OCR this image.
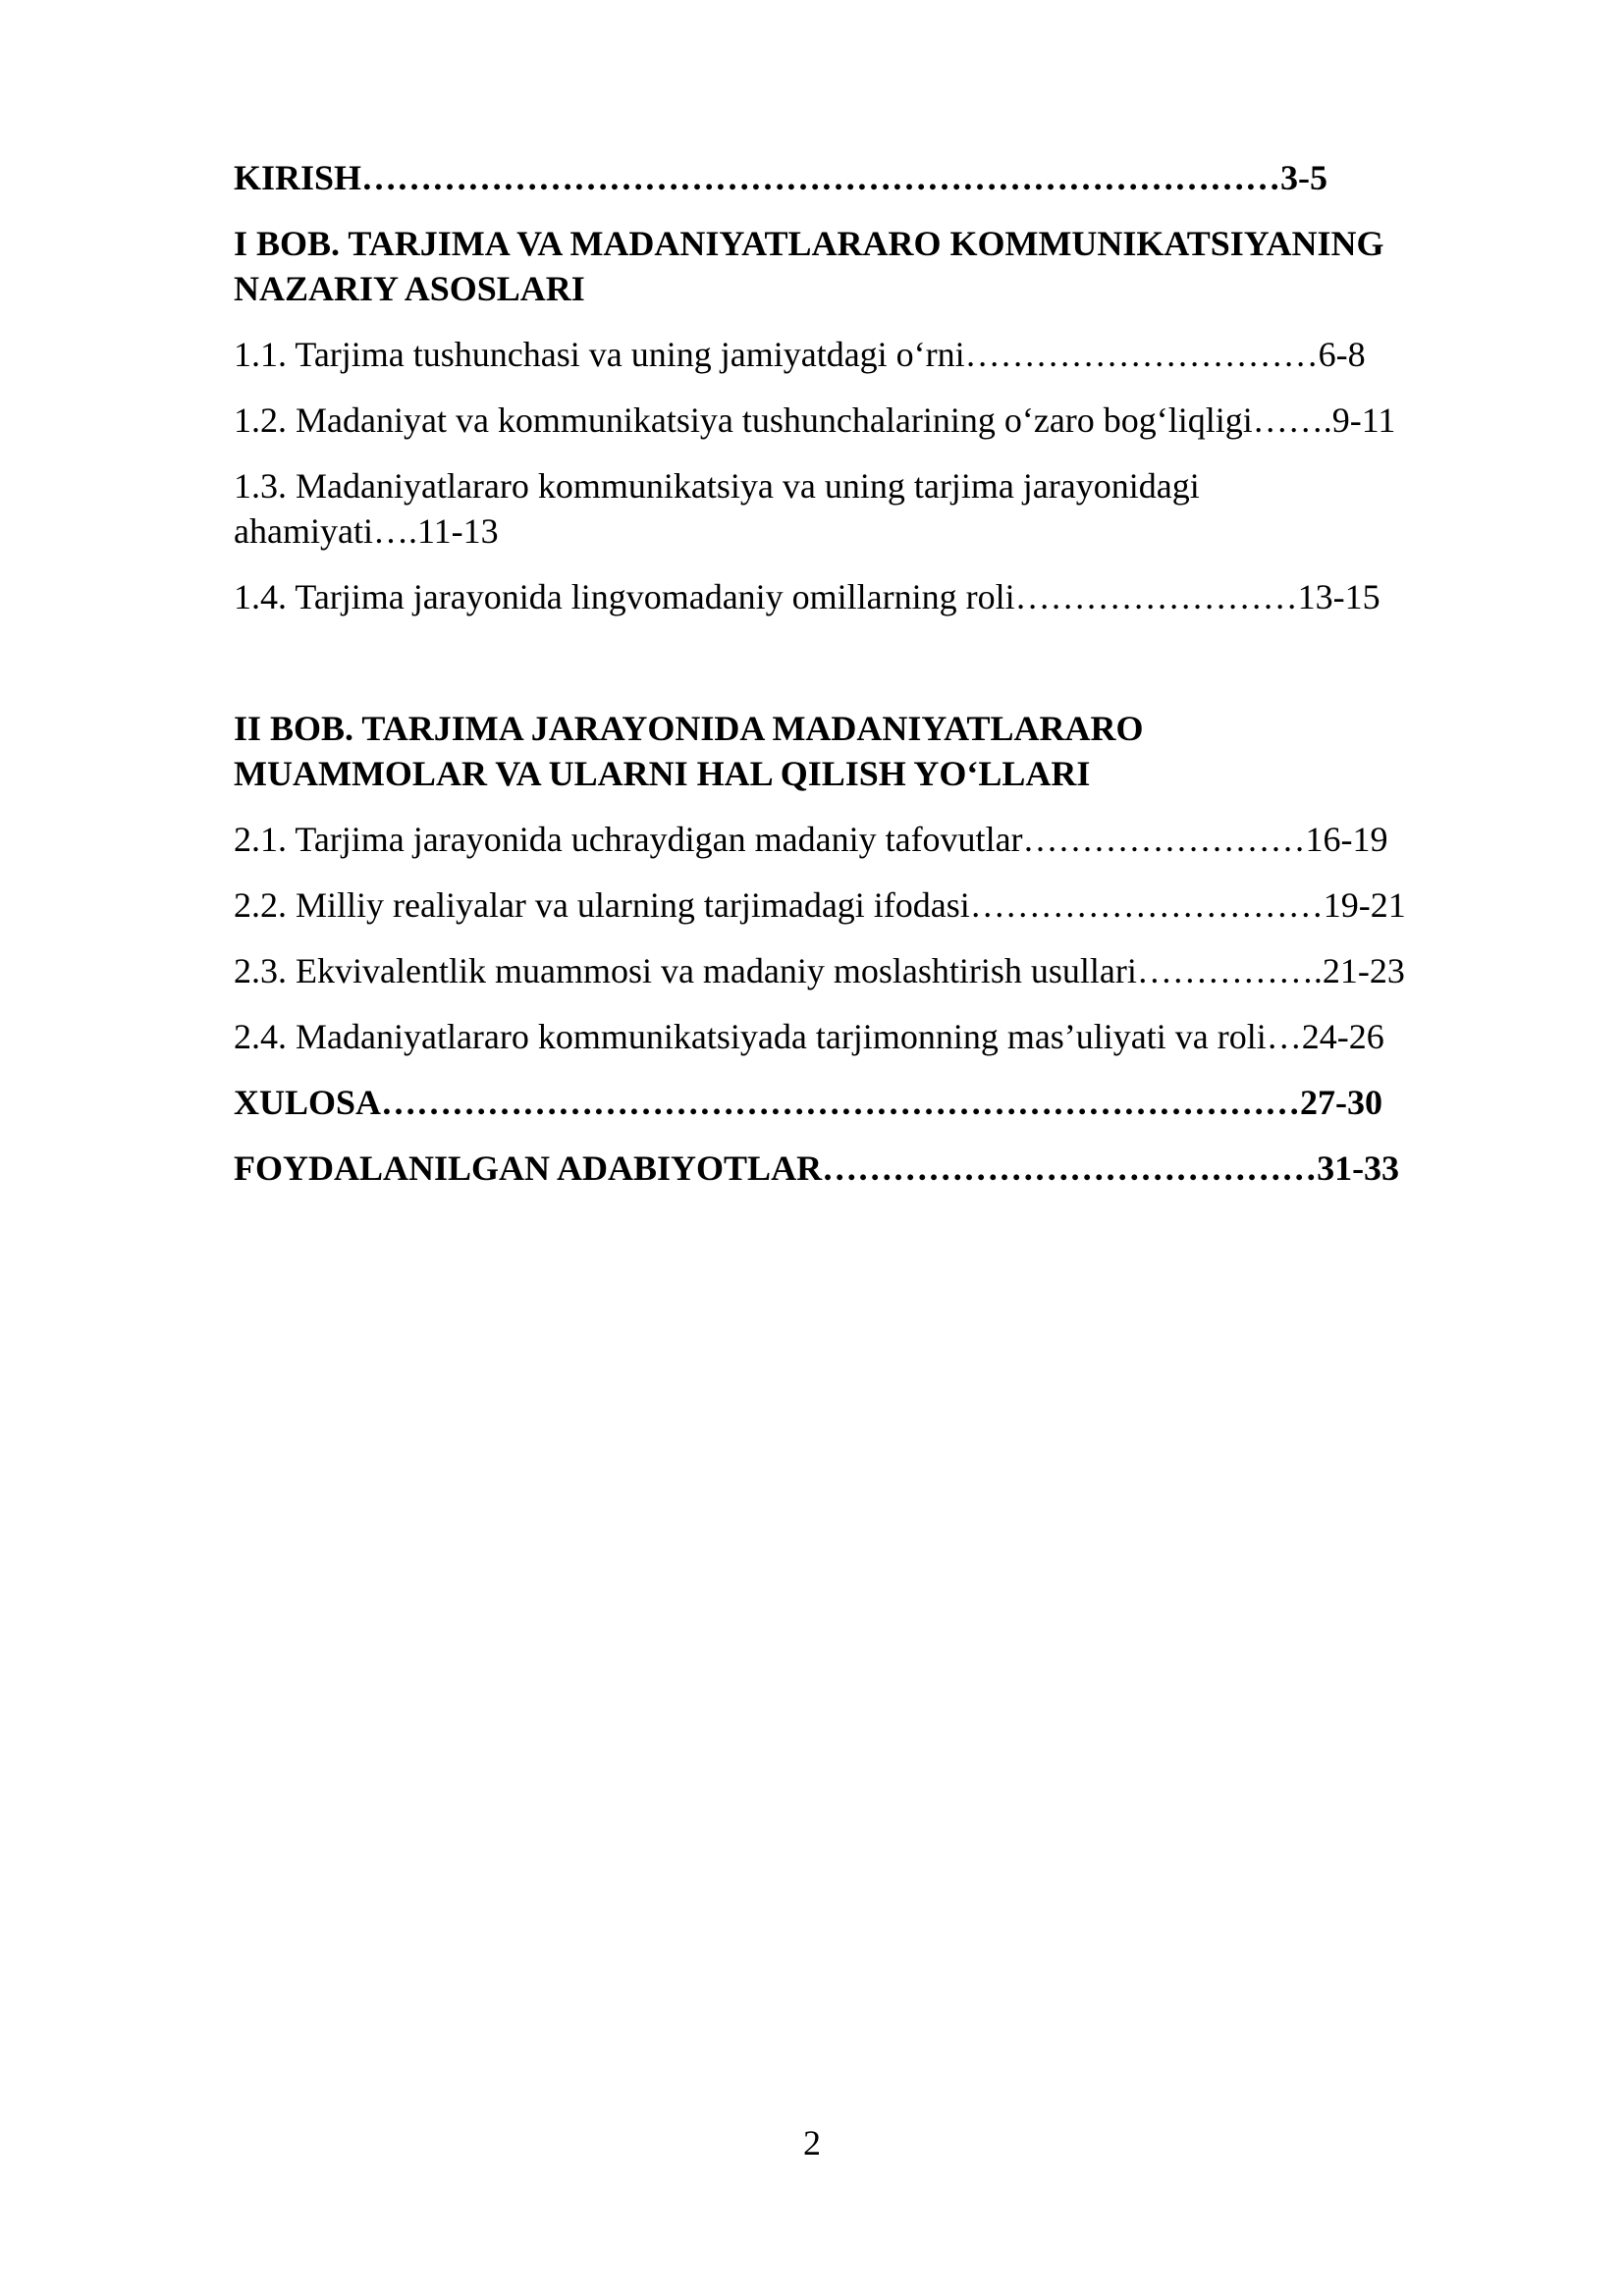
KIRISH……………………………………………………………………3-5

I BOB. TARJIMA VA MADANIYATLARARO KOMMUNIKATSIYANING
NAZARIY ASOSLARI

1.1. Tarjima tushunchasi va uning jamiyatdagi o‘rni…………………………6-8

1.2. Madaniyat va kommunikatsiya tushunchalarining o‘zaro bog‘liqligi…….9-11

1.3. Madaniyatlararo kommunikatsiya va uning tarjima jarayonidagi

ahamiyati….11-13

1.4. Tarjima jarayonida lingvomadaniy omillarning roli……………………13-15

II BOB. TARJIMA JARAYONIDA MADANIYATLARARO
MUAMMOLAR VA ULARNI HAL QILISH YO‘LLARI

2.1. Tarjima jarayonida uchraydigan madaniy tafovutlar……………………16-19

2.2. Milliy realiyalar va ularning tarjimadagi ifodasi…………………………19-21

2.3. Ekvivalentlik muammosi va madaniy moslashtirish usullari…………….21-23

2.4. Madaniyatlararo kommunikatsiyada tarjimonning mas’uliyati va roli…24-26

XULOSA……………………………………………………………………27-30

FOYDALANILGAN ADABIYOTLAR……………………………………31-33

2
